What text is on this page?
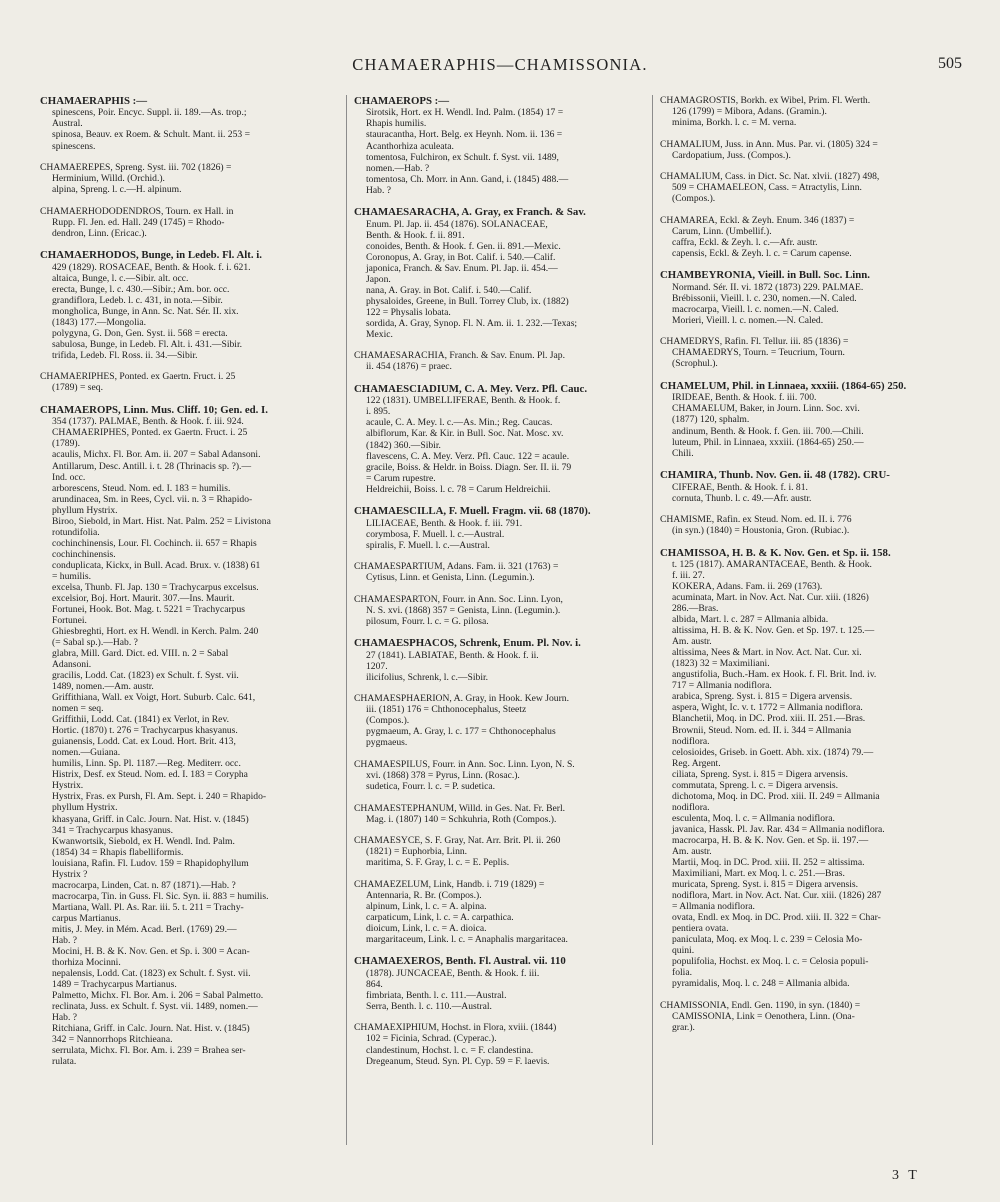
CHAMAERAPHIS—CHAMISSONIA.	505
CHAMAERAPHIS :—
spinescens, Poir. Encyc. Suppl. ii. 189.—As. trop.;
Austral.
spinosa, Beauv. ex Roem. & Schult. Mant. ii. 253 =
spinescens.
CHAMAEREPES, Spreng. Syst. iii. 702 (1826) =
Herminium, Willd. (Orchid.).
alpina, Spreng. l. c.—H. alpinum.
CHAMAERHODODENDROS, Tourn. ex Hall. in
Rupp. Fl. Jen. ed. Hall. 249 (1745) = Rhodo-
dendron, Linn. (Ericac.).
CHAMAERHODOS, Bunge, in Ledeb. Fl. Alt. i.
429 (1829). ROSACEAE, Benth. & Hook. f. i. 621.
altaica, Bunge, l. c.—Sibir. alt. occ.
erecta, Bunge, l. c. 430.—Sibir.; Am. bor. occ.
grandiflora, Ledeb. l. c. 431, in nota.—Sibir.
mongholica, Bunge, in Ann. Sc. Nat. Sér. II. xix.
(1843) 177.—Mongolia.
polygyna, G. Don, Gen. Syst. ii. 568 = erecta.
sabulosa, Bunge, in Ledeb. Fl. Alt. i. 431.—Sibir.
trifida, Ledeb. Fl. Ross. ii. 34.—Sibir.
CHAMAERIPHES, Ponted. ex Gaertn. Fruct. i. 25
(1789) = seq.
CHAMAEROPS, Linn. Mus. Cliff. 10; Gen. ed. I.
354 (1737). PALMAE, Benth. & Hook. f. iii. 924.
CHAMAERIPHES, Ponted. ex Gaertn. Fruct. i. 25
(1789).
acaulis, Michx. Fl. Bor. Am. ii. 207 = Sabal Adansoni.
Antillarum, Desc. Antill. i. t. 28 (Thrinacis sp. ?).—
Ind. occ.
arborescens, Steud. Nom. ed. I. 183 = humilis.
arundinacea, Sm. in Rees, Cycl. vii. n. 3 = Rhapido-
phyllum Hystrix.
Biroo, Siebold, in Mart. Hist. Nat. Palm. 252 = Livistona
rotundifolia.
cochinchinensis, Lour. Fl. Cochinch. ii. 657 = Rhapis
cochinchinensis.
conduplicata, Kickx, in Bull. Acad. Brux. v. (1838) 61
= humilis.
excelsa, Thunb. Fl. Jap. 130 = Trachycarpus excelsus.
excelsior, Boj. Hort. Maurit. 307.—Ins. Maurit.
Fortunei, Hook. Bot. Mag. t. 5221 = Trachycarpus
Fortunei.
Ghiesbreghti, Hort. ex H. Wendl. in Kerch. Palm. 240
(= Sabal sp.).—Hab. ?
glabra, Mill. Gard. Dict. ed. VIII. n. 2 = Sabal
Adansoni.
gracilis, Lodd. Cat. (1823) ex Schult. f. Syst. vii.
1489, nomen.—Am. austr.
Griffithiana, Wall. ex Voigt, Hort. Suburb. Calc. 641,
nomen = seq.
Griffithii, Lodd. Cat. (1841) ex Verlot, in Rev.
Hortic. (1870) t. 276 = Trachycarpus khasyanus.
guianensis, Lodd. Cat. ex Loud. Hort. Brit. 413,
nomen.—Guiana.
humilis, Linn. Sp. Pl. 1187.—Reg. Mediterr. occ.
Histrix, Desf. ex Steud. Nom. ed. I. 183 = Corypha
Hystrix.
Hystrix, Fras. ex Pursh, Fl. Am. Sept. i. 240 = Rhapido-
phyllum Hystrix.
khasyana, Griff. in Calc. Journ. Nat. Hist. v. (1845)
341 = Trachycarpus khasyanus.
Kwanwortsik, Siebold, ex H. Wendl. Ind. Palm.
(1854) 34 = Rhapis flabelliformis.
louisiana, Rafin. Fl. Ludov. 159 = Rhapidophyllum
Hystrix ?
macrocarpa, Linden, Cat. n. 87 (1871).—Hab. ?
macrocarpa, Tin. in Guss. Fl. Sic. Syn. ii. 883 = humilis.
Martiana, Wall. Pl. As. Rar. iii. 5. t. 211 = Trachy-
carpus Martianus.
mitis, J. Mey. in Mém. Acad. Berl. (1769) 29.—
Hab. ?
Mocini, H. B. & K. Nov. Gen. et Sp. i. 300 = Acan-
thorhiza Mocinni.
nepalensis, Lodd. Cat. (1823) ex Schult. f. Syst. vii.
1489 = Trachycarpus Martianus.
Palmetto, Michx. Fl. Bor. Am. i. 206 = Sabal Palmetto.
reclinata, Juss. ex Schult. f. Syst. vii. 1489, nomen.—
Hab. ?
Ritchiana, Griff. in Calc. Journ. Nat. Hist. v. (1845)
342 = Nannorrhops Ritchieana.
serrulata, Michx. Fl. Bor. Am. i. 239 = Brahea ser-
rulata.
CHAMAEROPS :—
Sirotsik, Hort. ex H. Wendl. Ind. Palm. (1854) 17 =
Rhapis humilis.
stauracantha, Hort. Belg. ex Heynh. Nom. ii. 136 =
Acanthorhiza aculeata.
tomentosa, Fulchiron, ex Schult. f. Syst. vii. 1489,
nomen.—Hab. ?
tomentosa, Ch. Morr. in Ann. Gand, i. (1845) 488.—
Hab. ?
CHAMAESARACHA, A. Gray, ex Franch. & Sav.
Enum. Pl. Jap. ii. 454 (1876). SOLANACEAE,
Benth. & Hook. f. ii. 891.
conoides, Benth. & Hook. f. Gen. ii. 891.—Mexic.
Coronopus, A. Gray, in Bot. Calif. i. 540.—Calif.
japonica, Franch. & Sav. Enum. Pl. Jap. ii. 454.—
Japon.
nana, A. Gray. in Bot. Calif. i. 540.—Calif.
physaloides, Greene, in Bull. Torrey Club, ix. (1882)
122 = Physalis lobata.
sordida, A. Gray, Synop. Fl. N. Am. ii. 1. 232.—Texas;
Mexic.
CHAMAESARACHIA, Franch. & Sav. Enum. Pl. Jap.
ii. 454 (1876) = praec.
CHAMAESCIADIUM, C. A. Mey. Verz. Pfl. Cauc.
122 (1831). UMBELLIFERAE, Benth. & Hook. f.
i. 895.
acaule, C. A. Mey. l. c.—As. Min.; Reg. Caucas.
albiflorum, Kar. & Kir. in Bull. Soc. Nat. Mosc. xv.
(1842) 360.—Sibir.
flavescens, C. A. Mey. Verz. Pfl. Cauc. 122 = acaule.
gracile, Boiss. & Heldr. in Boiss. Diagn. Ser. II. ii. 79
= Carum rupestre.
Heldreichii, Boiss. l. c. 78 = Carum Heldreichii.
CHAMAESCILLA, F. Muell. Fragm. vii. 68 (1870).
LILIACEAE, Benth. & Hook. f. iii. 791.
corymbosa, F. Muell. l. c.—Austral.
spiralis, F. Muell. l. c.—Austral.
CHAMAESPARTIUM, Adans. Fam. ii. 321 (1763) =
Cytisus, Linn. et Genista, Linn. (Legumin.).
CHAMAESPARTON, Fourr. in Ann. Soc. Linn. Lyon,
N. S. xvi. (1868) 357 = Genista, Linn. (Legumin.).
pilosum, Fourr. l. c. = G. pilosa.
CHAMAESPHACOS, Schrenk, Enum. Pl. Nov. i.
27 (1841). LABIATAE, Benth. & Hook. f. ii.
1207.
ilicifolius, Schrenk, l. c.—Sibir.
CHAMAESPHAERION, A. Gray, in Hook. Kew Journ.
iii. (1851) 176 = Chthonocephalus, Steetz
(Compos.).
pygmaeum, A. Gray, l. c. 177 = Chthonocephalus
pygmaeus.
CHAMAESPILUS, Fourr. in Ann. Soc. Linn. Lyon, N. S.
xvi. (1868) 378 = Pyrus, Linn. (Rosac.).
sudetica, Fourr. l. c. = P. sudetica.
CHAMAESTEPHANUM, Willd. in Ges. Nat. Fr. Berl.
Mag. i. (1807) 140 = Schkuhria, Roth (Compos.).
CHAMAESYCE, S. F. Gray, Nat. Arr. Brit. Pl. ii. 260
(1821) = Euphorbia, Linn.
maritima, S. F. Gray, l. c. = E. Peplis.
CHAMAEZELUM, Link, Handb. i. 719 (1829) =
Antennaria, R. Br. (Compos.).
alpinum, Link, l. c. = A. alpina.
carpaticum, Link, l. c. = A. carpathica.
dioicum, Link, l. c. = A. dioica.
margaritaceum, Link. l. c. = Anaphalis margaritacea.
CHAMAEXEROS, Benth. Fl. Austral. vii. 110
(1878). JUNCACEAE, Benth. & Hook. f. iii.
864.
fimbriata, Benth. l. c. 111.—Austral.
Serra, Benth. l. c. 110.—Austral.
CHAMAEXIPHIUM, Hochst. in Flora, xviii. (1844)
102 = Ficinia, Schrad. (Cyperac.).
clandestinum, Hochst. l. c. = F. clandestina.
Dregeanum, Steud. Syn. Pl. Cyp. 59 = F. laevis.
CHAMAGROSTIS, Borkh. ex Wibel, Prim. Fl. Werth.
126 (1799) = Mibora, Adans. (Gramin.).
minima, Borkh. l. c. = M. verna.
CHAMALIUM, Juss. in Ann. Mus. Par. vi. (1805) 324 =
Cardopatium, Juss. (Compos.).
CHAMALIUM, Cass. in Dict. Sc. Nat. xlvii. (1827) 498,
509 = CHAMAELEON, Cass. = Atractylis, Linn.
(Compos.).
CHAMAREA, Eckl. & Zeyh. Enum. 346 (1837) =
Carum, Linn. (Umbellif.).
caffra, Eckl. & Zeyh. l. c.—Afr. austr.
capensis, Eckl. & Zeyh. l. c. = Carum capense.
CHAMBEYRONIA, Vieill. in Bull. Soc. Linn.
Normand. Sér. II. vi. 1872 (1873) 229. PALMAE.
Brébissonii, Vieill. l. c. 230, nomen.—N. Caled.
macrocarpa, Vieill. l. c. nomen.—N. Caled.
Morieri, Vieill. l. c. nomen.—N. Caled.
CHAMEDRYS, Rafin. Fl. Tellur. iii. 85 (1836) =
CHAMAEDRYS, Tourn. = Teucrium, Tourn.
(Scrophul.).
CHAMELUM, Phil. in Linnaea, xxxiii. (1864-65) 250.
IRIDEAE, Benth. & Hook. f. iii. 700.
CHAMAELUM, Baker, in Journ. Linn. Soc. xvi.
(1877) 120, sphalm.
andinum, Benth. & Hook. f. Gen. iii. 700.—Chili.
luteum, Phil. in Linnaea, xxxiii. (1864-65) 250.—
Chili.
CHAMIRA, Thunb. Nov. Gen. ii. 48 (1782). CRU-
CIFERAE, Benth. & Hook. f. i. 81.
cornuta, Thunb. l. c. 49.—Afr. austr.
CHAMISME, Rafin. ex Steud. Nom. ed. II. i. 776
(in syn.) (1840) = Houstonia, Gron. (Rubiac.).
CHAMISSOA, H. B. & K. Nov. Gen. et Sp. ii. 158.
t. 125 (1817). AMARANTACEAE, Benth. & Hook.
f. iii. 27.
KOKERA, Adans. Fam. ii. 269 (1763).
acuminata, Mart. in Nov. Act. Nat. Cur. xiii. (1826)
286.—Bras.
albida, Mart. l. c. 287 = Allmania albida.
altissima, H. B. & K. Nov. Gen. et Sp. 197. t. 125.—
Am. austr.
altissima, Nees & Mart. in Nov. Act. Nat. Cur. xi.
(1823) 32 = Maximiliani.
angustifolia, Buch.-Ham. ex Hook. f. Fl. Brit. Ind. iv.
717 = Allmania nodiflora.
arabica, Spreng. Syst. i. 815 = Digera arvensis.
aspera, Wight, Ic. v. t. 1772 = Allmania nodiflora.
Blanchetii, Moq. in DC. Prod. xiii. II. 251.—Bras.
Brownii, Steud. Nom. ed. II. i. 344 = Allmania
nodiflora.
celosioides, Griseb. in Goett. Abh. xix. (1874) 79.—
Reg. Argent.
ciliata, Spreng. Syst. i. 815 = Digera arvensis.
commutata, Spreng. l. c. = Digera arvensis.
dichotoma, Moq. in DC. Prod. xiii. II. 249 = Allmania
nodiflora.
esculenta, Moq. l. c. = Allmania nodiflora.
javanica, Hassk. Pl. Jav. Rar. 434 = Allmania nodiflora.
macrocarpa, H. B. & K. Nov. Gen. et Sp. ii. 197.—
Am. austr.
Martii, Moq. in DC. Prod. xiii. II. 252 = altissima.
Maximiliani, Mart. ex Moq. l. c. 251.—Bras.
muricata, Spreng. Syst. i. 815 = Digera arvensis.
nodiflora, Mart. in Nov. Act. Nat. Cur. xiii. (1826) 287
= Allmania nodiflora.
ovata, Endl. ex Moq. in DC. Prod. xiii. II. 322 = Char-
pentiera ovata.
paniculata, Moq. ex Moq. l. c. 239 = Celosia Mo-
quini.
populifolia, Hochst. ex Moq. l. c. = Celosia populi-
folia.
pyramidalis, Moq. l. c. 248 = Allmania albida.
CHAMISSONIA, Endl. Gen. 1190, in syn. (1840) =
CAMISSONIA, Link = Oenothera, Linn. (Ona-
grar.).
3 T
